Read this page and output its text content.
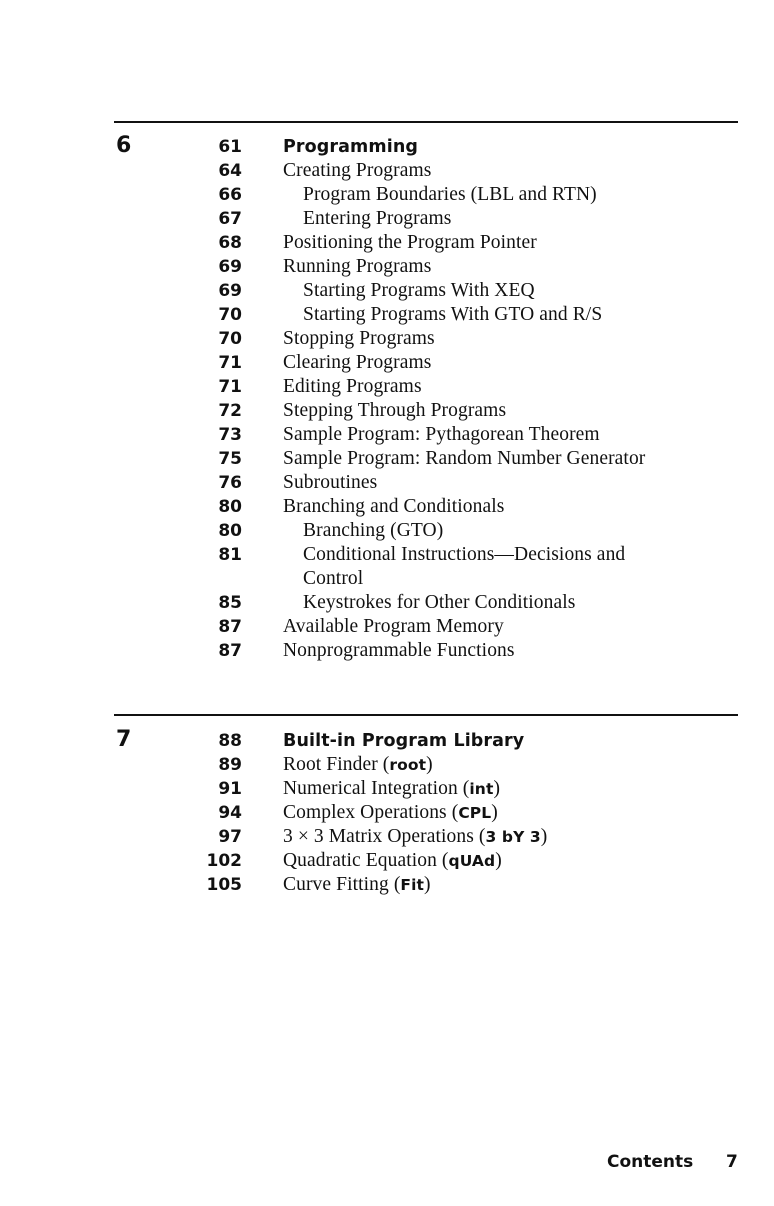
6	61 Programming
64 Creating Programs
66	Program Boundaries (LBL and RTN)
67	Entering Programs
68 Positioning the Program Pointer
69 Running Programs
69	Starting Programs With XEQ
70	Starting Programs With GTO and R/S
70 Stopping Programs
71 Clearing Programs
71 Editing Programs
72 Stepping Through Programs
73 Sample Program: Pythagorean Theorem
75 Sample Program: Random Number Generator
76 Subroutines
80 Branching and Conditionals
80	Branching (GTO)
81	Conditional Instructions—Decisions and
Control
85	Keystrokes for Other Conditionals
87 Available Program Memory
87 Nonprogrammable Functions
7	88 Built-in Program Library
89 Root Finder (root)
91 Numerical Integration (int)
94 Complex Operations (CPL)
97 3 × 3 Matrix Operations (3 bY 3)
102 Quadratic Equation (qUAd)
105 Curve Fitting (Fit)
Contents 7
